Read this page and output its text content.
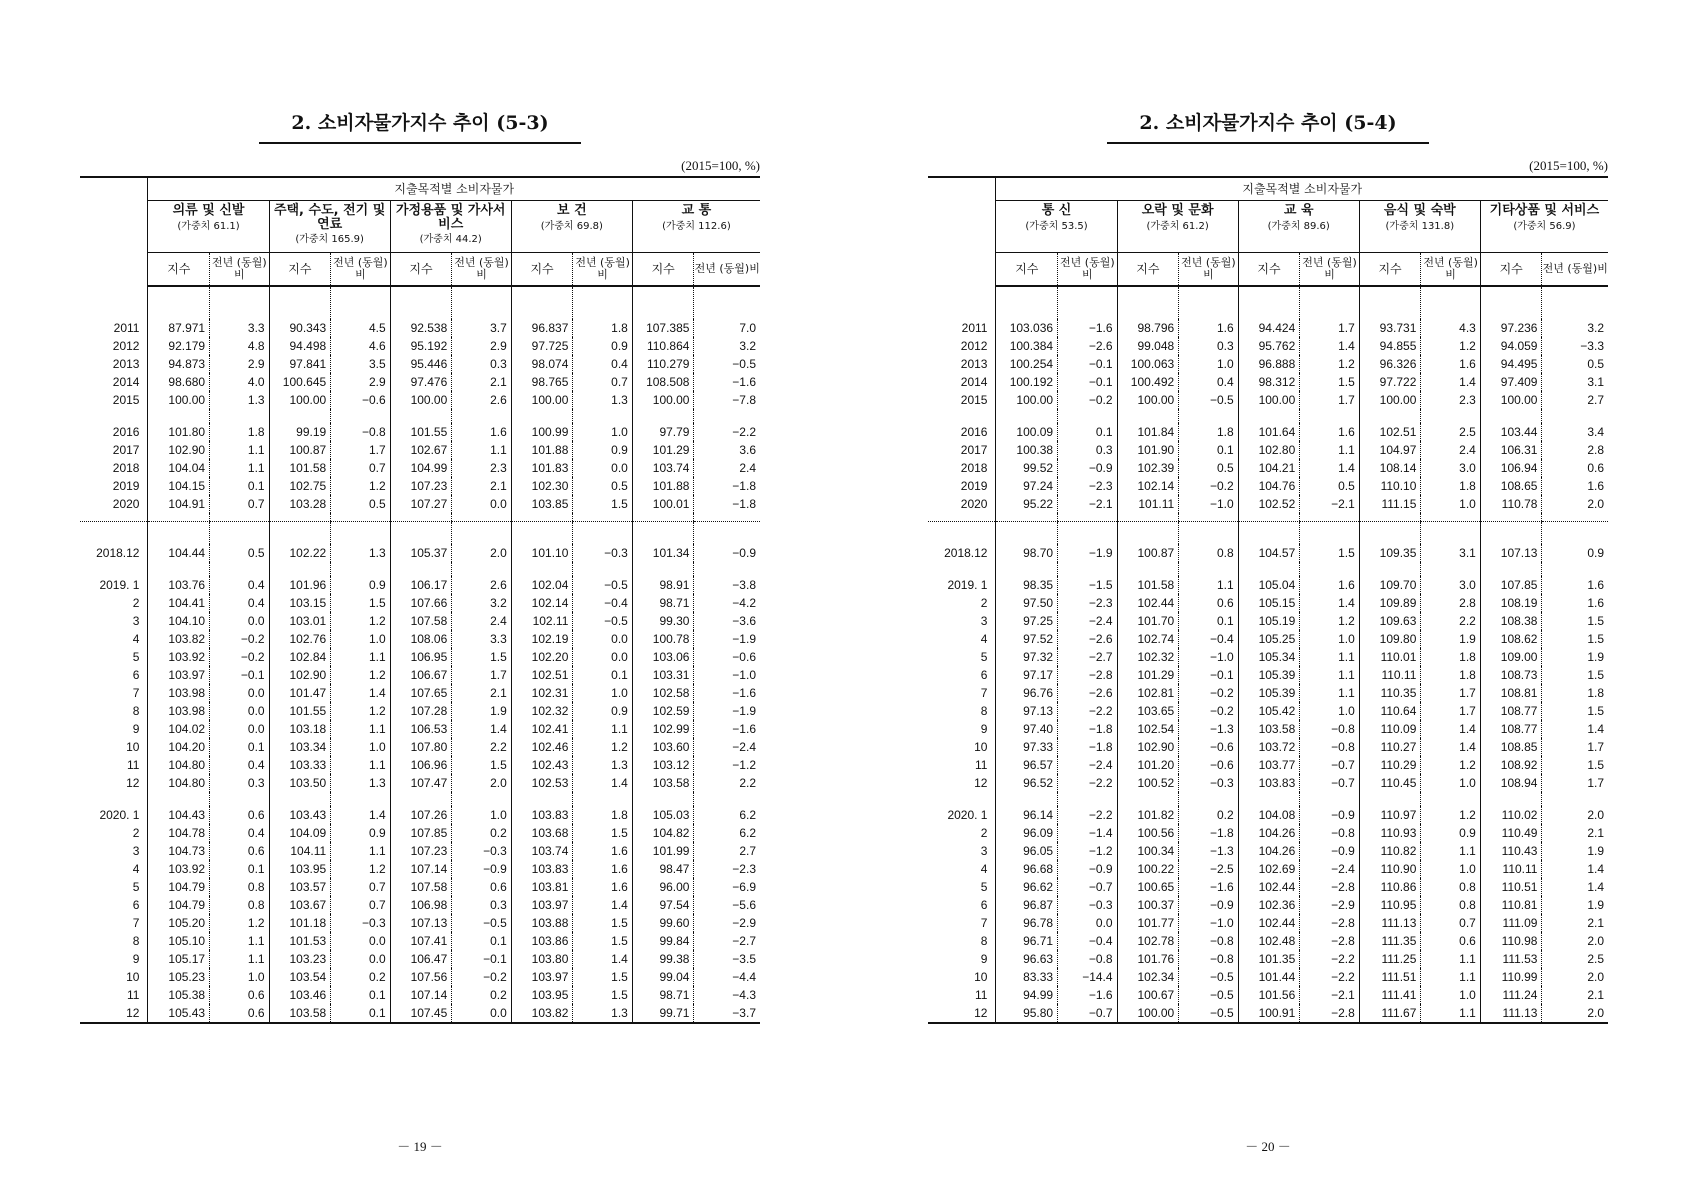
2. 소비자물가지수 추이 (5-3)
(2015=100, %)
	지출목적별 소비자물가									

	의류 및 신발
(가중치 61.1)		주택, 수도, 전기 및 연료
(가중치 165.9)		가정용품 및 가사서비스
(가중치 44.2)		보 건
(가중치 69.8)		교 통
(가중치 112.6)	

	지수	전년 (동월)비	지수	전년 (동월)비	지수	전년 (동월)비	지수	전년 (동월)비	지수	전년 (동월)비

2011	87.971	3.3	90.343	4.5	92.538	3.7	96.837	1.8	107.385	7.0
2012	92.179	4.8	94.498	4.6	95.192	2.9	97.725	0.9	110.864	3.2
2013	94.873	2.9	97.841	3.5	95.446	0.3	98.074	0.4	110.279	−0.5
2014	98.680	4.0	100.645	2.9	97.476	2.1	98.765	0.7	108.508	−1.6
2015	100.00	1.3	100.00	−0.6	100.00	2.6	100.00	1.3	100.00	−7.8

2016	101.80	1.8	99.19	−0.8	101.55	1.6	100.99	1.0	97.79	−2.2
2017	102.90	1.1	100.87	1.7	102.67	1.1	101.88	0.9	101.29	3.6
2018	104.04	1.1	101.58	0.7	104.99	2.3	101.83	0.0	103.74	2.4
2019	104.15	0.1	102.75	1.2	107.23	2.1	102.30	0.5	101.88	−1.8
2020	104.91	0.7	103.28	0.5	107.27	0.0	103.85	1.5	100.01	−1.8

2018.12	104.44	0.5	102.22	1.3	105.37	2.0	101.10	−0.3	101.34	−0.9

2019. 1	103.76	0.4	101.96	0.9	106.17	2.6	102.04	−0.5	98.91	−3.8
2	104.41	0.4	103.15	1.5	107.66	3.2	102.14	−0.4	98.71	−4.2
3	104.10	0.0	103.01	1.2	107.58	2.4	102.11	−0.5	99.30	−3.6
4	103.82	−0.2	102.76	1.0	108.06	3.3	102.19	0.0	100.78	−1.9
5	103.92	−0.2	102.84	1.1	106.95	1.5	102.20	0.0	103.06	−0.6
6	103.97	−0.1	102.90	1.2	106.67	1.7	102.51	0.1	103.31	−1.0
7	103.98	0.0	101.47	1.4	107.65	2.1	102.31	1.0	102.58	−1.6
8	103.98	0.0	101.55	1.2	107.28	1.9	102.32	0.9	102.59	−1.9
9	104.02	0.0	103.18	1.1	106.53	1.4	102.41	1.1	102.99	−1.6
10	104.20	0.1	103.34	1.0	107.80	2.2	102.46	1.2	103.60	−2.4
11	104.80	0.4	103.33	1.1	106.96	1.5	102.43	1.3	103.12	−1.2
12	104.80	0.3	103.50	1.3	107.47	2.0	102.53	1.4	103.58	2.2

2020. 1	104.43	0.6	103.43	1.4	107.26	1.0	103.83	1.8	105.03	6.2
2	104.78	0.4	104.09	0.9	107.85	0.2	103.68	1.5	104.82	6.2
3	104.73	0.6	104.11	1.1	107.23	−0.3	103.74	1.6	101.99	2.7
4	103.92	0.1	103.95	1.2	107.14	−0.9	103.83	1.6	98.47	−2.3
5	104.79	0.8	103.57	0.7	107.58	0.6	103.81	1.6	96.00	−6.9
6	104.79	0.8	103.67	0.7	106.98	0.3	103.97	1.4	97.54	−5.6
7	105.20	1.2	101.18	−0.3	107.13	−0.5	103.88	1.5	99.60	−2.9
8	105.10	1.1	101.53	0.0	107.41	0.1	103.86	1.5	99.84	−2.7
9	105.17	1.1	103.23	0.0	106.47	−0.1	103.80	1.4	99.38	−3.5
10	105.23	1.0	103.54	0.2	107.56	−0.2	103.97	1.5	99.04	−4.4
11	105.38	0.6	103.46	0.1	107.14	0.2	103.95	1.5	98.71	−4.3
12	105.43	0.6	103.58	0.1	107.45	0.0	103.82	1.3	99.71	−3.7
－ 19 －
2. 소비자물가지수 추이 (5-4)
(2015=100, %)
	지출목적별 소비자물가									

	통 신
(가중치 53.5)		오락 및 문화
(가중치 61.2)		교 육
(가중치 89.6)		음식 및 숙박
(가중치 131.8)		기타상품 및 서비스
(가중치 56.9)	

	지수	전년 (동월)비	지수	전년 (동월)비	지수	전년 (동월)비	지수	전년 (동월)비	지수	전년 (동월)비

2011	103.036	−1.6	98.796	1.6	94.424	1.7	93.731	4.3	97.236	3.2
2012	100.384	−2.6	99.048	0.3	95.762	1.4	94.855	1.2	94.059	−3.3
2013	100.254	−0.1	100.063	1.0	96.888	1.2	96.326	1.6	94.495	0.5
2014	100.192	−0.1	100.492	0.4	98.312	1.5	97.722	1.4	97.409	3.1
2015	100.00	−0.2	100.00	−0.5	100.00	1.7	100.00	2.3	100.00	2.7

2016	100.09	0.1	101.84	1.8	101.64	1.6	102.51	2.5	103.44	3.4
2017	100.38	0.3	101.90	0.1	102.80	1.1	104.97	2.4	106.31	2.8
2018	99.52	−0.9	102.39	0.5	104.21	1.4	108.14	3.0	106.94	0.6
2019	97.24	−2.3	102.14	−0.2	104.76	0.5	110.10	1.8	108.65	1.6
2020	95.22	−2.1	101.11	−1.0	102.52	−2.1	111.15	1.0	110.78	2.0

2018.12	98.70	−1.9	100.87	0.8	104.57	1.5	109.35	3.1	107.13	0.9

2019. 1	98.35	−1.5	101.58	1.1	105.04	1.6	109.70	3.0	107.85	1.6
2	97.50	−2.3	102.44	0.6	105.15	1.4	109.89	2.8	108.19	1.6
3	97.25	−2.4	101.70	0.1	105.19	1.2	109.63	2.2	108.38	1.5
4	97.52	−2.6	102.74	−0.4	105.25	1.0	109.80	1.9	108.62	1.5
5	97.32	−2.7	102.32	−1.0	105.34	1.1	110.01	1.8	109.00	1.9
6	97.17	−2.8	101.29	−0.1	105.39	1.1	110.11	1.8	108.73	1.5
7	96.76	−2.6	102.81	−0.2	105.39	1.1	110.35	1.7	108.81	1.8
8	97.13	−2.2	103.65	−0.2	105.42	1.0	110.64	1.7	108.77	1.5
9	97.40	−1.8	102.54	−1.3	103.58	−0.8	110.09	1.4	108.77	1.4
10	97.33	−1.8	102.90	−0.6	103.72	−0.8	110.27	1.4	108.85	1.7
11	96.57	−2.4	101.20	−0.6	103.77	−0.7	110.29	1.2	108.92	1.5
12	96.52	−2.2	100.52	−0.3	103.83	−0.7	110.45	1.0	108.94	1.7

2020. 1	96.14	−2.2	101.82	0.2	104.08	−0.9	110.97	1.2	110.02	2.0
2	96.09	−1.4	100.56	−1.8	104.26	−0.8	110.93	0.9	110.49	2.1
3	96.05	−1.2	100.34	−1.3	104.26	−0.9	110.82	1.1	110.43	1.9
4	96.68	−0.9	100.22	−2.5	102.69	−2.4	110.90	1.0	110.11	1.4
5	96.62	−0.7	100.65	−1.6	102.44	−2.8	110.86	0.8	110.51	1.4
6	96.87	−0.3	100.37	−0.9	102.36	−2.9	110.95	0.8	110.81	1.9
7	96.78	0.0	101.77	−1.0	102.44	−2.8	111.13	0.7	111.09	2.1
8	96.71	−0.4	102.78	−0.8	102.48	−2.8	111.35	0.6	110.98	2.0
9	96.63	−0.8	101.76	−0.8	101.35	−2.2	111.25	1.1	111.53	2.5
10	83.33	−14.4	102.34	−0.5	101.44	−2.2	111.51	1.1	110.99	2.0
11	94.99	−1.6	100.67	−0.5	101.56	−2.1	111.41	1.0	111.24	2.1
12	95.80	−0.7	100.00	−0.5	100.91	−2.8	111.67	1.1	111.13	2.0
－ 20 －
